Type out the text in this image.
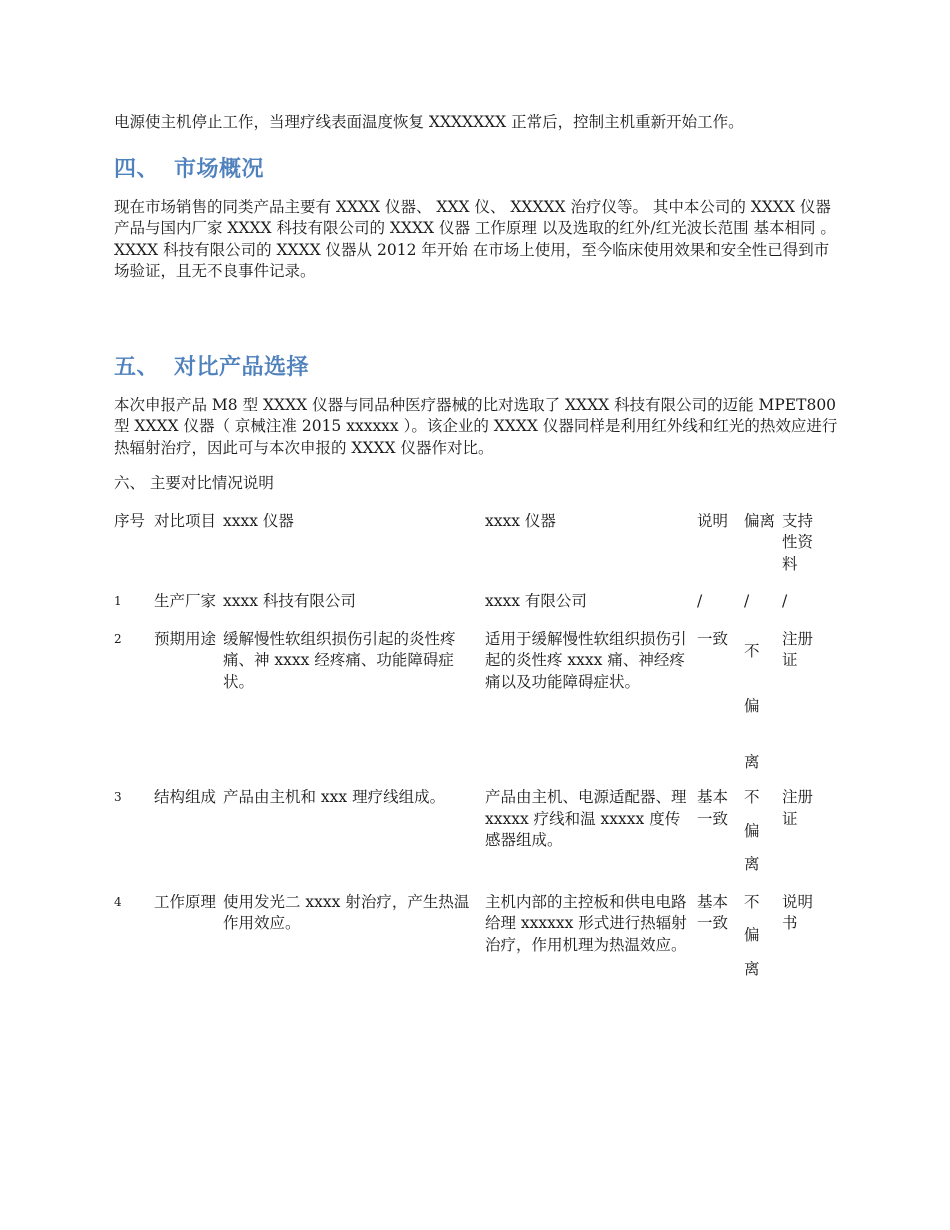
电源使主机停止工作，当理疗线表面温度恢复 XXXXXXX 正常后，控制主机重新开始工作。

四、 市场概况

现在市场销售的同类产品主要有 XXXX 仪器、 XXX 仪、 XXXXX 治疗仪等。 其中本公司的 XXXX 仪器 产品与国内厂家 XXXX 科技有限公司的 XXXX 仪器 工作原理 以及选取的红外/红光波长范围 基本相同 。XXXX 科技有限公司的 XXXX 仪器从 2012 年开始 在市场上使用，至今临床使用效果和安全性已得到市场验证，且无不良事件记录。

五、 对比产品选择

本次申报产品 M8 型 XXXX 仪器与同品种医疗器械的比对选取了 XXXX 科技有限公司的迈能 MPET800 型 XXXX 仪器（ 京械注准 2015 xxxxxx ）。该企业的 XXXX 仪器同样是利用红外线和红光的热效应进行热辐射治疗，因此可与本次申报的 XXXX 仪器作对比。

六、 主要对比情况说明

序号	对比项目	xxxx 仪器	xxxx 仪器	说明	偏离	支持性资料

1	生产厂家	xxxx 科技有限公司	xxxx 有限公司	/	/	/

2	预期用途	缓解慢性软组织损伤引起的炎性疼痛、神 xxxx 经疼痛、功能障碍症状。	适用于缓解慢性软组织损伤引起的炎性疼 xxxx 痛、神经疼痛以及功能障碍症状。	一致	不
偏
离	注册证

3	结构组成	产品由主机和 xxx 理疗线组成。	产品由主机、电源适配器、理 xxxxx 疗线和温 xxxxx 度传感器组成。	基本一致	不
偏
离	注册证

4	工作原理	使用发光二 xxxx 射治疗，产生热温作用效应。	主机内部的主控板和供电电路给理 xxxxxx 形式进行热辐射治疗，作用机理为热温效应。	基本一致	不
偏
离	说明书
